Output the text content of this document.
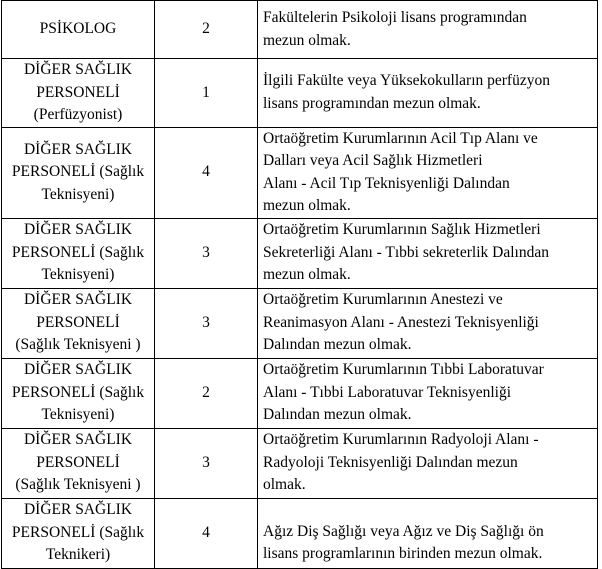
PSİKOLOG	2	Fakültelerin Psikoloji lisans programından
mezun olmak.

DİĞER SAĞLIK
PERSONELİ
(Perfüzyonist)	1	İlgili Fakülte veya Yüksekokulların perfüzyon
lisans programından mezun olmak.

DİĞER SAĞLIK
PERSONELİ (Sağlık
Teknisyeni)	4	Ortaöğretim Kurumlarının Acil Tıp Alanı ve
Dalları veya Acil Sağlık Hizmetleri
Alanı - Acil Tıp Teknisyenliği Dalından
mezun olmak.

DİĞER SAĞLIK
PERSONELİ (Sağlık
Teknisyeni)	3	Ortaöğretim Kurumlarının Sağlık Hizmetleri
Sekreterliği Alanı - Tıbbi sekreterlik Dalından
mezun olmak.

DİĞER SAĞLIK
PERSONELİ
(Sağlık Teknisyeni )	3	Ortaöğretim Kurumlarının Anestezi ve
Reanimasyon Alanı - Anestezi Teknisyenliği
Dalından mezun olmak.

DİĞER SAĞLIK
PERSONELİ (Sağlık
Teknisyeni)	2	Ortaöğretim Kurumlarının Tıbbi Laboratuvar
Alanı - Tıbbi Laboratuvar Teknisyenliği
Dalından mezun olmak.

DİĞER SAĞLIK
PERSONELİ
(Sağlık Teknisyeni )	3	Ortaöğretim Kurumlarının Radyoloji Alanı -
Radyoloji Teknisyenliği Dalından mezun
olmak.

DİĞER SAĞLIK
PERSONELİ (Sağlık
Teknikeri)	4	Ağız Diş Sağlığı veya Ağız ve Diş Sağlığı ön
lisans programlarının birinden mezun olmak.
